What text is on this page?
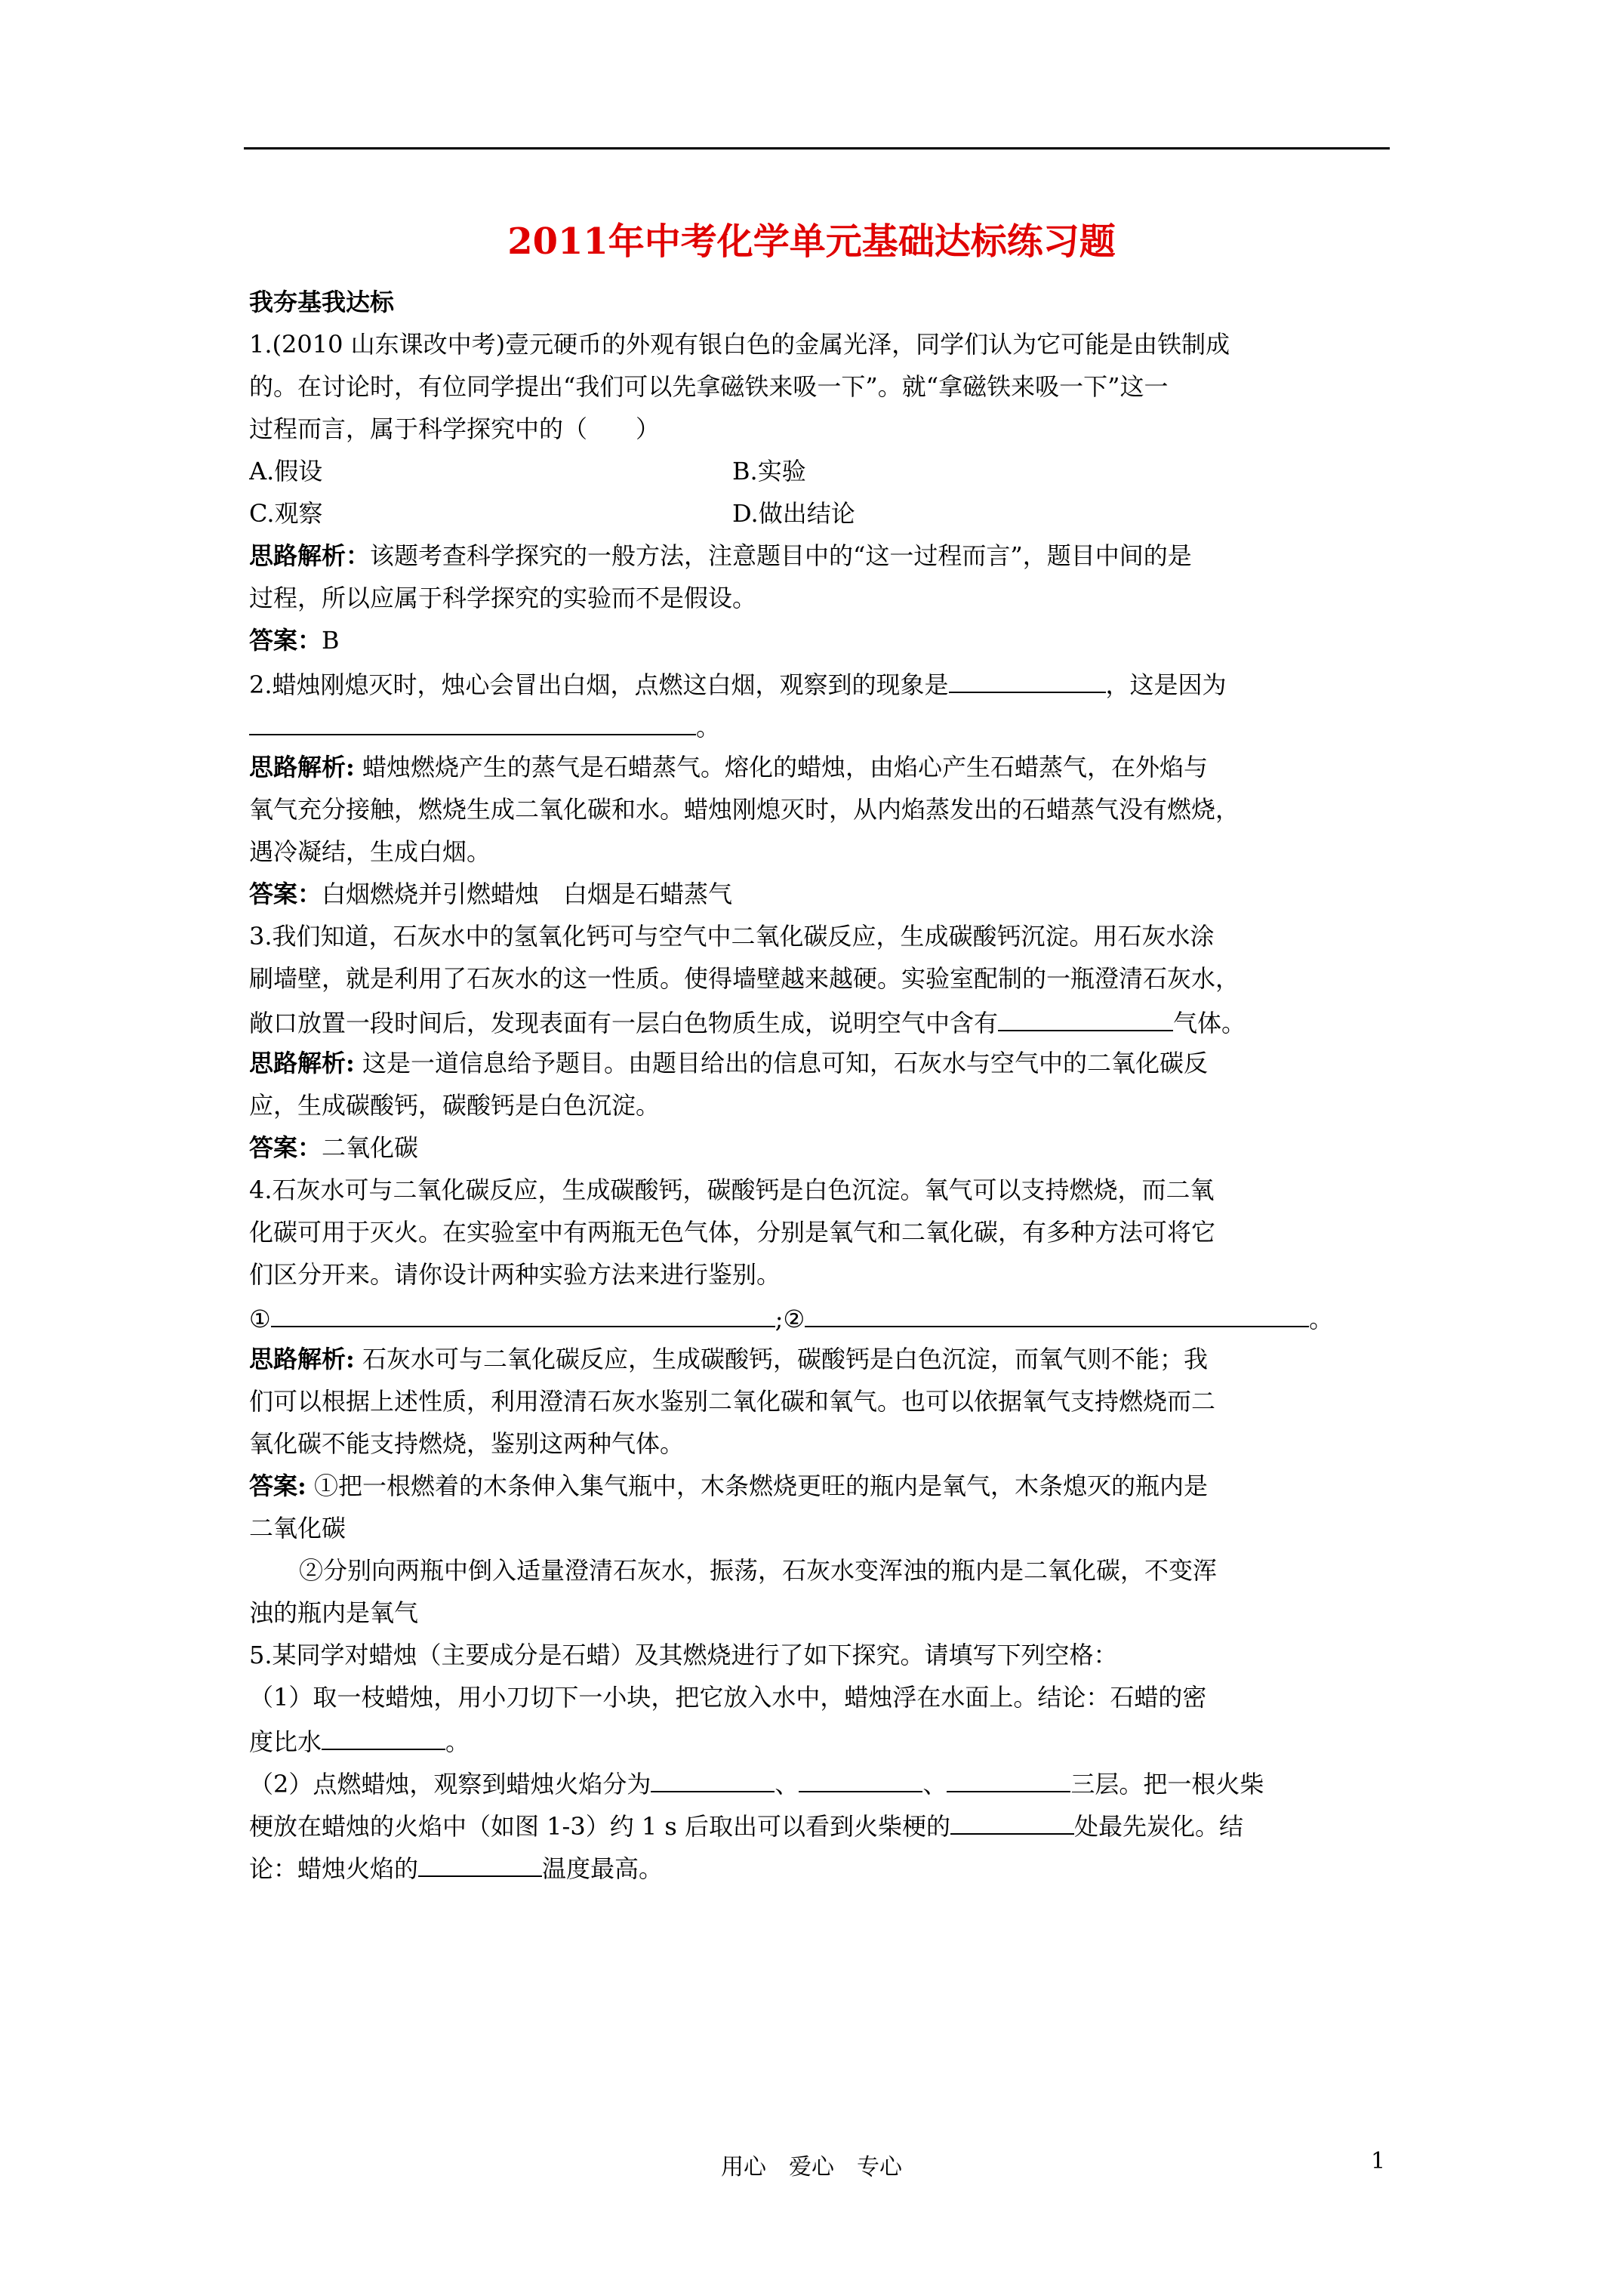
2011年中考化学单元基础达标练习题
我夯基我达标
1.(2010 山东课改中考)壹元硬币的外观有银白色的金属光泽，同学们认为它可能是由铁制成
的。在讨论时，有位同学提出“我们可以先拿磁铁来吸一下”。就“拿磁铁来吸一下”这一
过程而言，属于科学探究中的（　　）
A.假设	B.实验
C.观察	D.做出结论
思路解析：该题考查科学探究的一般方法，注意题目中的“这一过程而言”，题目中间的是
过程，所以应属于科学探究的实验而不是假设。
答案：B
2.蜡烛刚熄灭时，烛心会冒出白烟，点燃这白烟，观察到的现象是	，这是因为
。
思路解析: 蜡烛燃烧产生的蒸气是石蜡蒸气。熔化的蜡烛，由焰心产生石蜡蒸气，在外焰与
氧气充分接触，燃烧生成二氧化碳和水。蜡烛刚熄灭时，从内焰蒸发出的石蜡蒸气没有燃烧，
遇冷凝结，生成白烟。
答案：白烟燃烧并引燃蜡烛　白烟是石蜡蒸气
3.我们知道，石灰水中的氢氧化钙可与空气中二氧化碳反应，生成碳酸钙沉淀。用石灰水涂
刷墙壁，就是利用了石灰水的这一性质。使得墙壁越来越硬。实验室配制的一瓶澄清石灰水，
敞口放置一段时间后，发现表面有一层白色物质生成，说明空气中含有	气体。
思路解析: 这是一道信息给予题目。由题目给出的信息可知，石灰水与空气中的二氧化碳反
应，生成碳酸钙，碳酸钙是白色沉淀。
答案：二氧化碳
4.石灰水可与二氧化碳反应，生成碳酸钙，碳酸钙是白色沉淀。氧气可以支持燃烧，而二氧
化碳可用于灭火。在实验室中有两瓶无色气体，分别是氧气和二氧化碳，有多种方法可将它
们区分开来。请你设计两种实验方法来进行鉴别。
①	;②	。
思路解析: 石灰水可与二氧化碳反应，生成碳酸钙，碳酸钙是白色沉淀，而氧气则不能；我
们可以根据上述性质，利用澄清石灰水鉴别二氧化碳和氧气。也可以依据氧气支持燃烧而二
氧化碳不能支持燃烧，鉴别这两种气体。
答案: ①把一根燃着的木条伸入集气瓶中，木条燃烧更旺的瓶内是氧气，木条熄灭的瓶内是
二氧化碳
②分别向两瓶中倒入适量澄清石灰水，振荡，石灰水变浑浊的瓶内是二氧化碳，不变浑
浊的瓶内是氧气
5.某同学对蜡烛（主要成分是石蜡）及其燃烧进行了如下探究。请填写下列空格：
（1）取一枝蜡烛，用小刀切下一小块，把它放入水中，蜡烛浮在水面上。结论：石蜡的密
度比水	。
（2）点燃蜡烛，观察到蜡烛火焰分为	、	、	三层。把一根火柴
梗放在蜡烛的火焰中（如图 1-3）约 1 s 后取出可以看到火柴梗的	处最先炭化。结
论：蜡烛火焰的	温度最高。
用心　爱心　专心	1
